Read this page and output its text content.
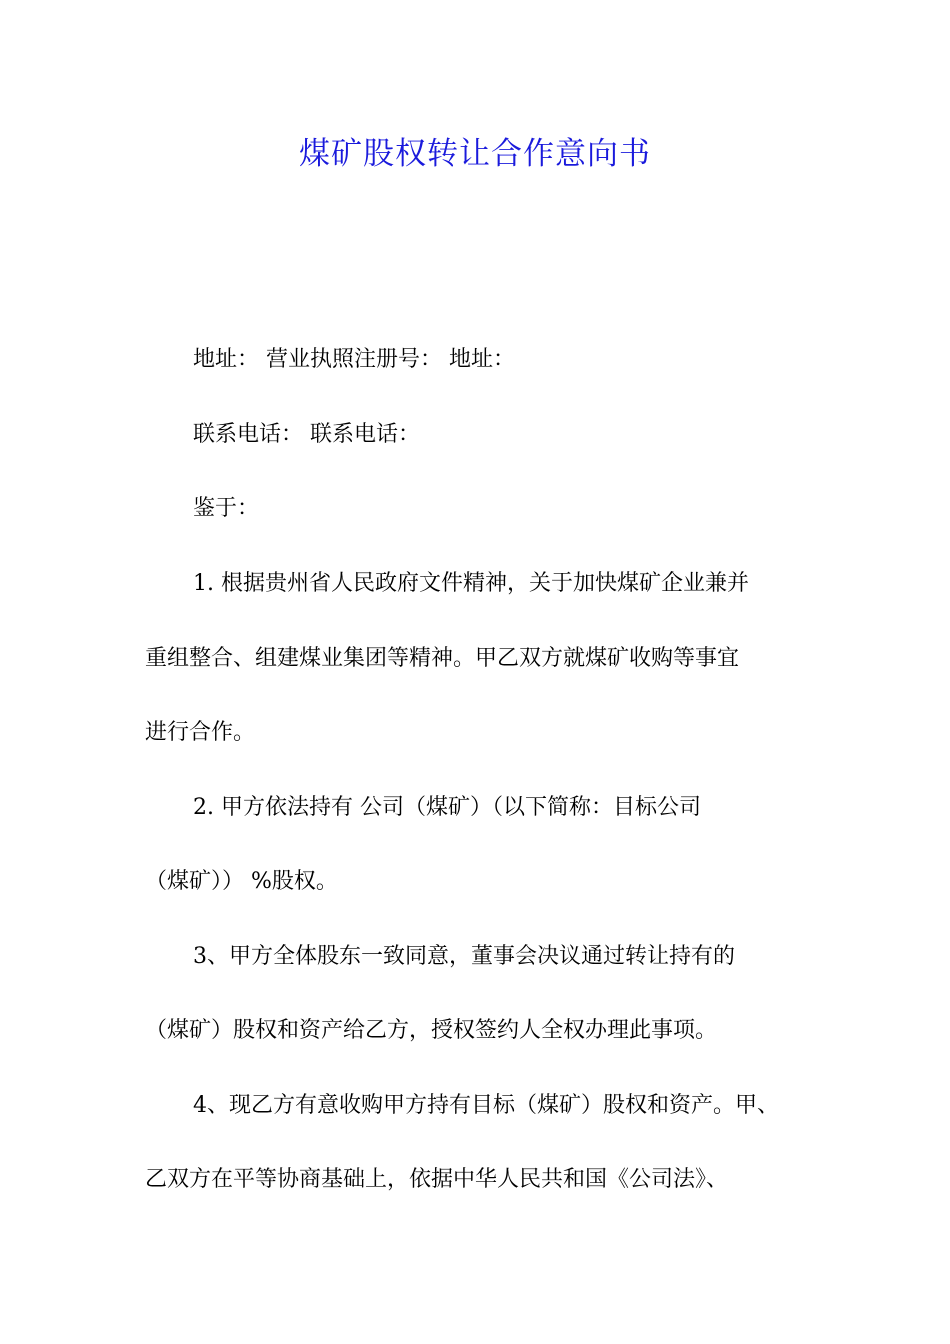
煤矿股权转让合作意向书

地址： 营业执照注册号： 地址：

联系电话： 联系电话：

鉴于：

1. 根据贵州省人民政府文件精神，关于加快煤矿企业兼并

重组整合、组建煤业集团等精神。甲乙双方就煤矿收购等事宜

进行合作。

2. 甲方依法持有 公司（煤矿）（以下简称：目标公司

（煤矿）） %股权。

3、甲方全体股东一致同意，董事会决议通过转让持有的

（煤矿）股权和资产给乙方，授权签约人全权办理此事项。

4、现乙方有意收购甲方持有目标（煤矿）股权和资产。甲、

乙双方在平等协商基础上，依据中华人民共和国《公司法》、
